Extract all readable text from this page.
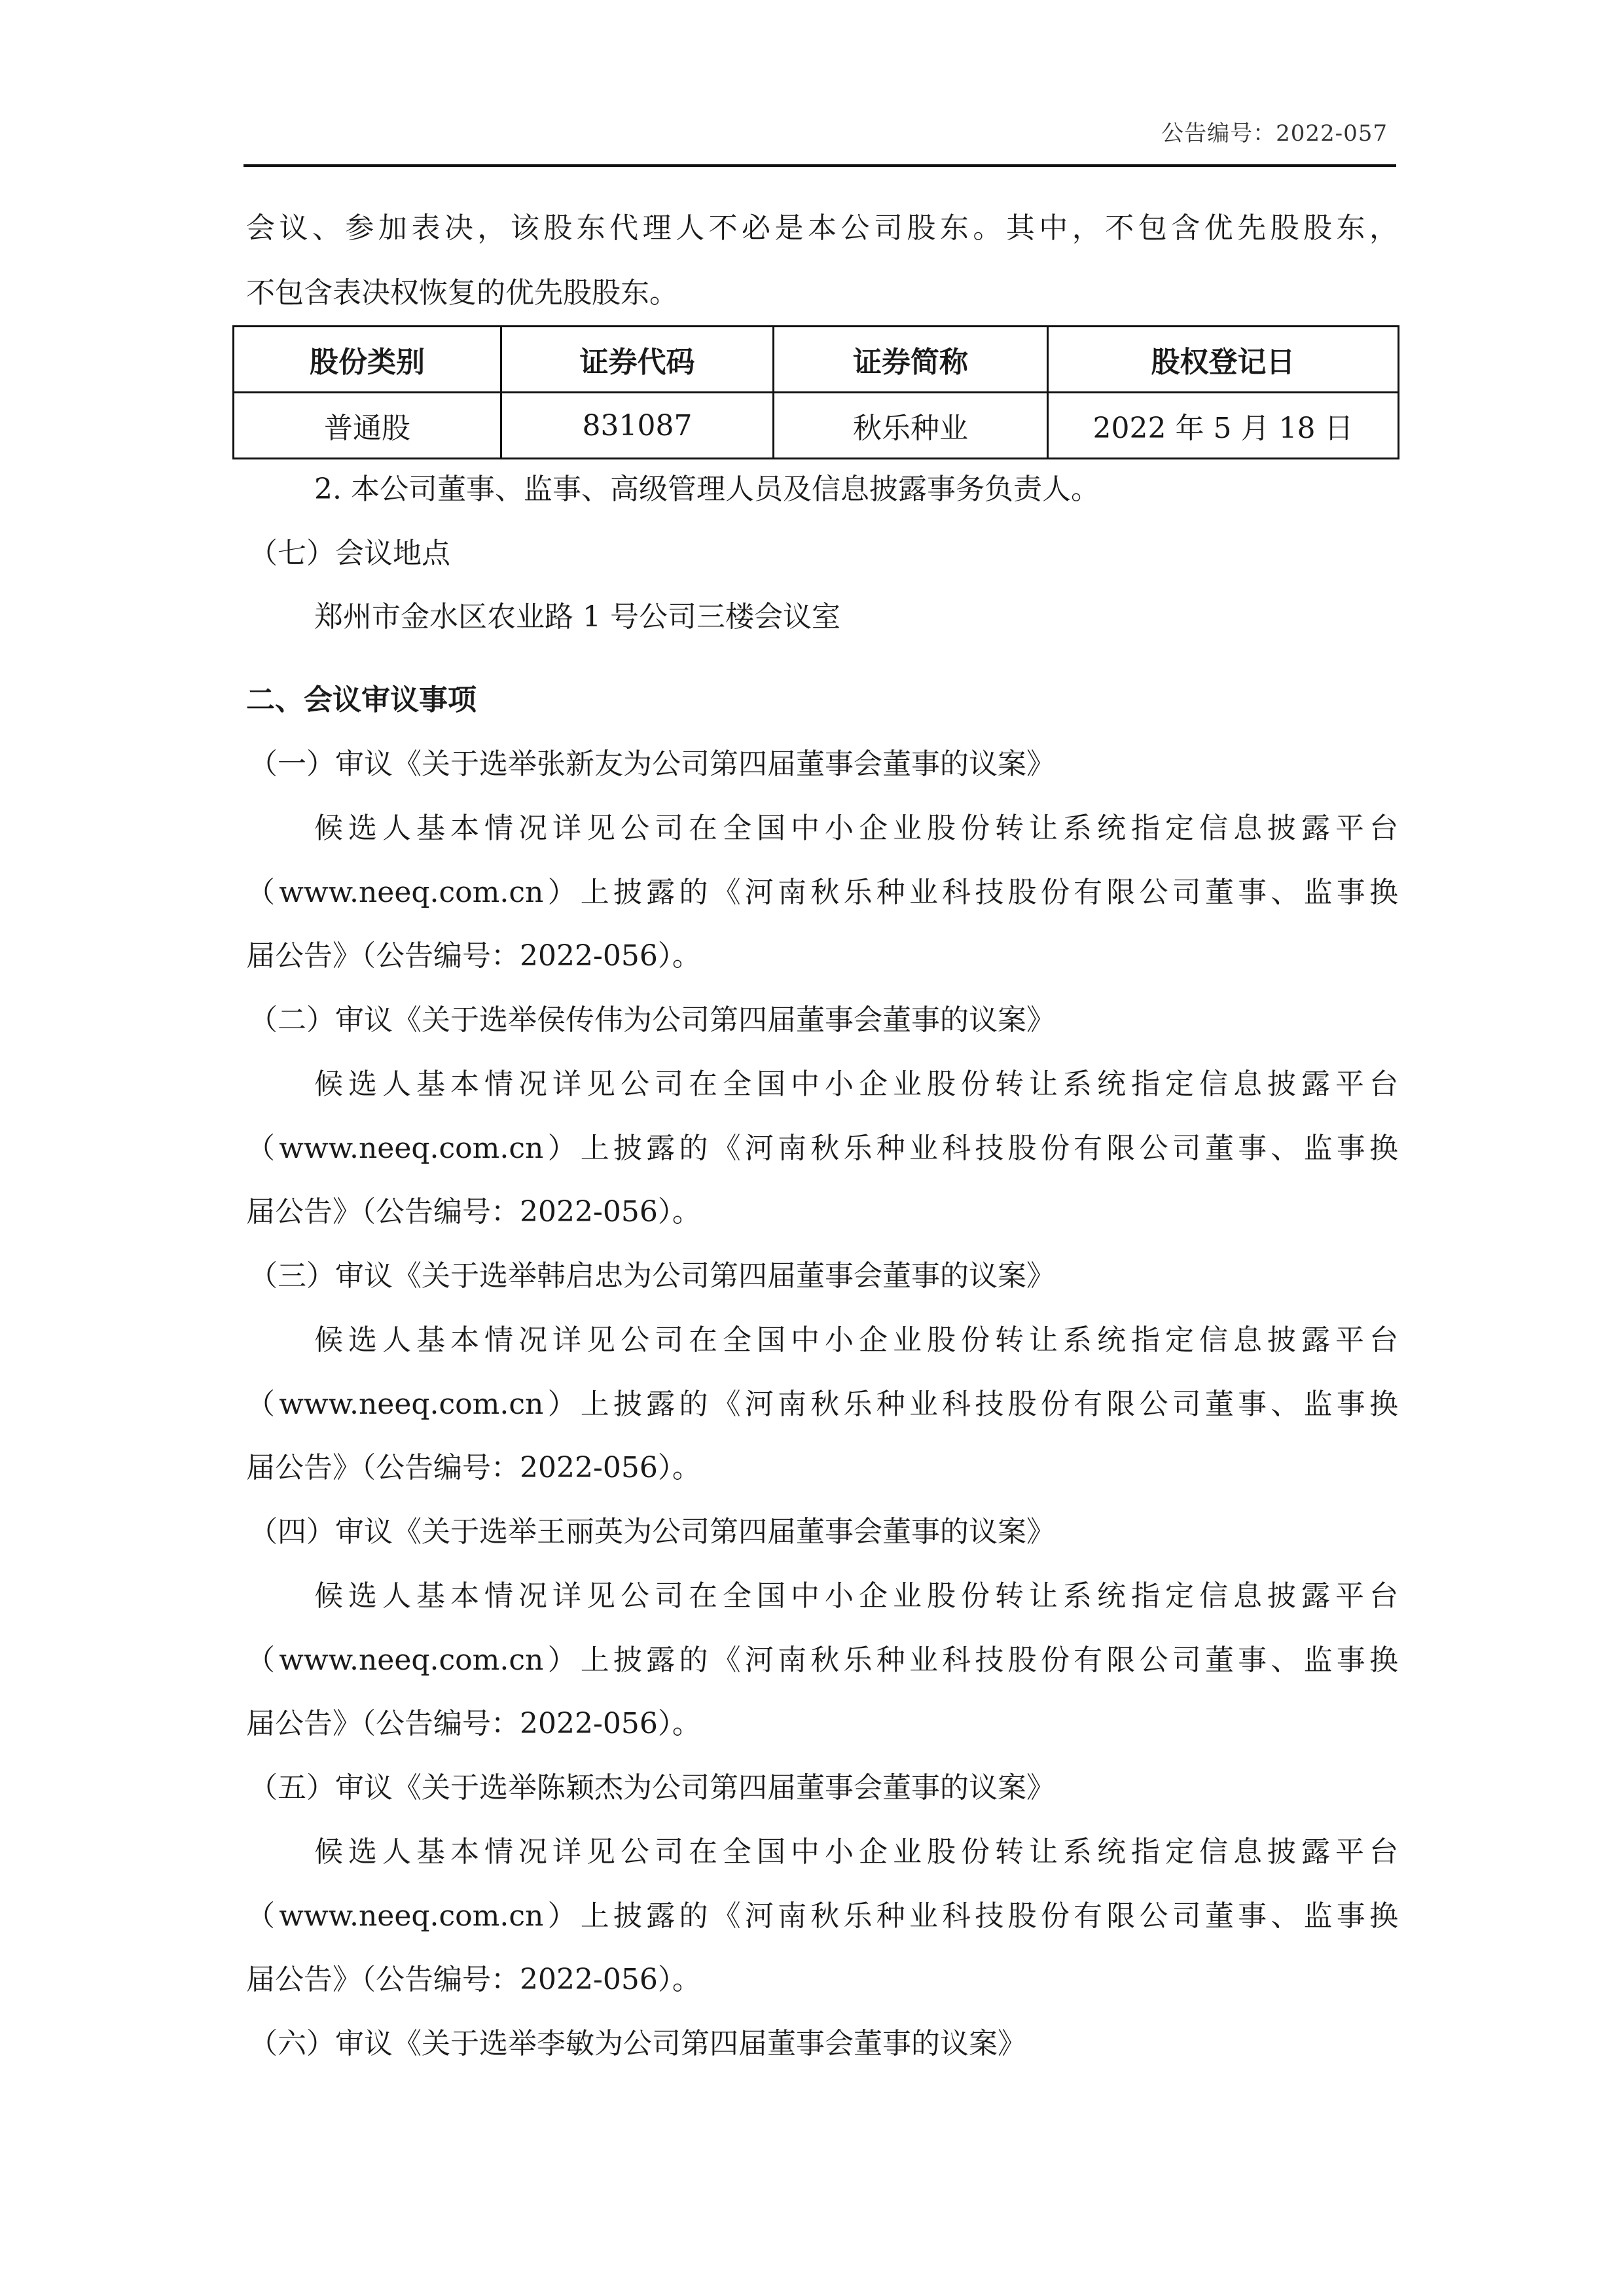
公告编号：2022-057
会议、参加表决，该股东代理人不必是本公司股东。其中，不包含优先股股东，
不包含表决权恢复的优先股股东。
股份类别	证券代码	证券简称	股权登记日
普通股	831087	秋乐种业	2022 年 5 月 18 日
2. 本公司董事、监事、高级管理人员及信息披露事务负责人。
（七）会议地点
郑州市金水区农业路 1 号公司三楼会议室
二、会议审议事项
（一）审议《关于选举张新友为公司第四届董事会董事的议案》
候选人基本情况详见公司在全国中小企业股份转让系统指定信息披露平台
（www.neeq.com.cn）上披露的《河南秋乐种业科技股份有限公司董事、监事换
届公告》（公告编号：2022-056）。
（二）审议《关于选举侯传伟为公司第四届董事会董事的议案》
候选人基本情况详见公司在全国中小企业股份转让系统指定信息披露平台
（www.neeq.com.cn）上披露的《河南秋乐种业科技股份有限公司董事、监事换
届公告》（公告编号：2022-056）。
（三）审议《关于选举韩启忠为公司第四届董事会董事的议案》
候选人基本情况详见公司在全国中小企业股份转让系统指定信息披露平台
（www.neeq.com.cn）上披露的《河南秋乐种业科技股份有限公司董事、监事换
届公告》（公告编号：2022-056）。
（四）审议《关于选举王丽英为公司第四届董事会董事的议案》
候选人基本情况详见公司在全国中小企业股份转让系统指定信息披露平台
（www.neeq.com.cn）上披露的《河南秋乐种业科技股份有限公司董事、监事换
届公告》（公告编号：2022-056）。
（五）审议《关于选举陈颖杰为公司第四届董事会董事的议案》
候选人基本情况详见公司在全国中小企业股份转让系统指定信息披露平台
（www.neeq.com.cn）上披露的《河南秋乐种业科技股份有限公司董事、监事换
届公告》（公告编号：2022-056）。
（六）审议《关于选举李敏为公司第四届董事会董事的议案》
